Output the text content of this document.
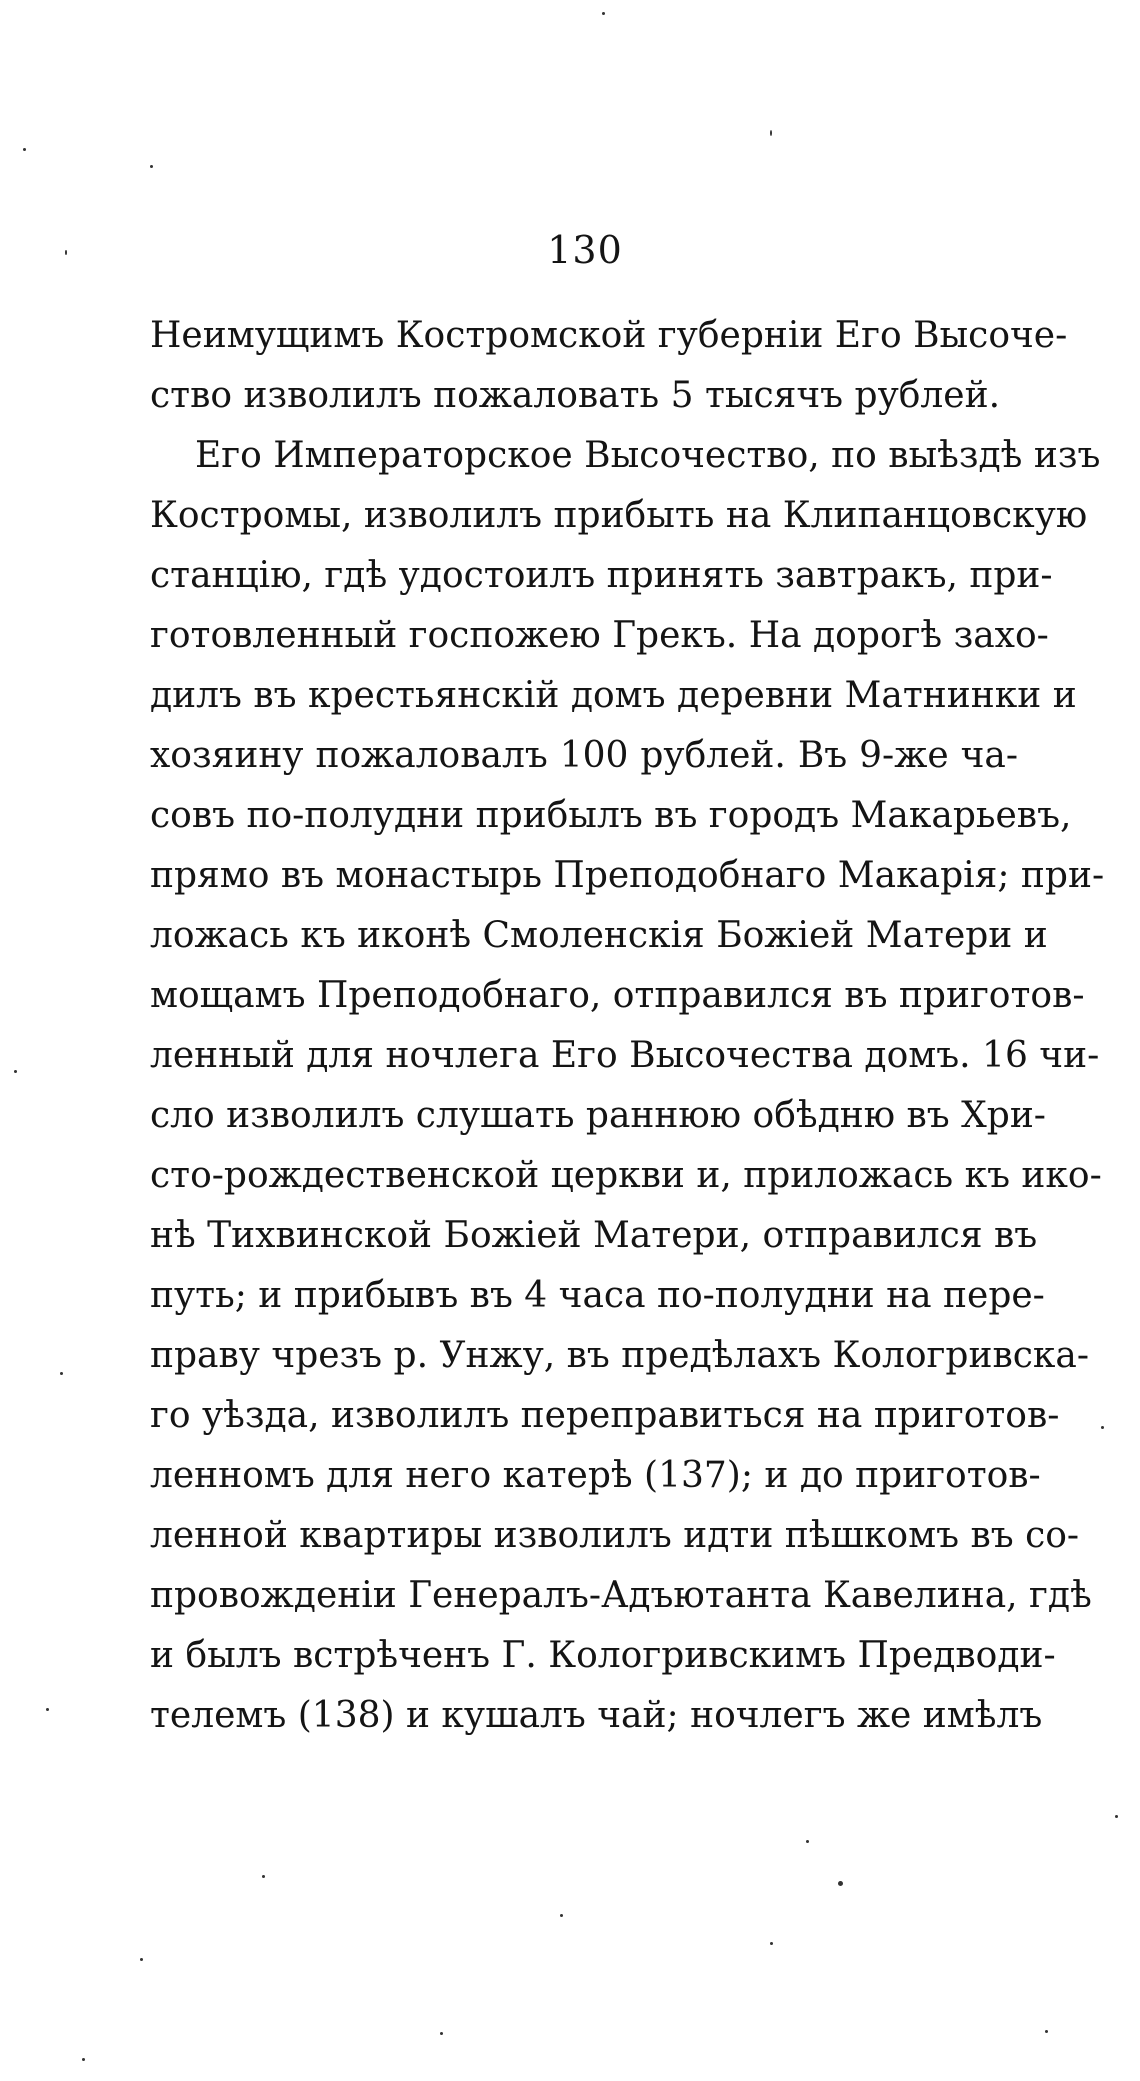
130
Неимущимъ Костромской губерніи Его Высоче-
ство изволилъ пожаловать 5 тысячъ рублей.
Его Императорское Высочество, по выѣздѣ изъ
Костромы, изволилъ прибыть на Клипанцовскую
станцію, гдѣ удостоилъ принять завтракъ, при-
готовленный госпожею Грекъ. На дорогѣ захо-
дилъ въ крестьянскій домъ деревни Матнинки и
хозяину пожаловалъ 100 рублей. Въ 9-же ча-
совъ по-полудни прибылъ въ городъ Макарьевъ,
прямо въ монастырь Преподобнаго Макарія; при-
ложась къ иконѣ Смоленскія Божіей Матери и
мощамъ Преподобнаго, отправился въ приготов-
ленный для ночлега Его Высочества домъ. 16 чи-
сло изволилъ слушать раннюю обѣдню въ Хри-
сто-рождественской церкви и, приложась къ ико-
нѣ Тихвинской Божіей Матери, отправился въ
путь; и прибывъ въ 4 часа по-полудни на пере-
праву чрезъ р. Унжу, въ предѣлахъ Кологривска-
го уѣзда, изволилъ переправиться на приготов-
ленномъ для него катерѣ (137); и до приготов-
ленной квартиры изволилъ идти пѣшкомъ въ со-
провожденіи Генералъ-Адъютанта Кавелина, гдѣ
и былъ встрѣченъ Г. Кологривскимъ Предводи-
телемъ (138) и кушалъ чай; ночлегъ же имѣлъ
